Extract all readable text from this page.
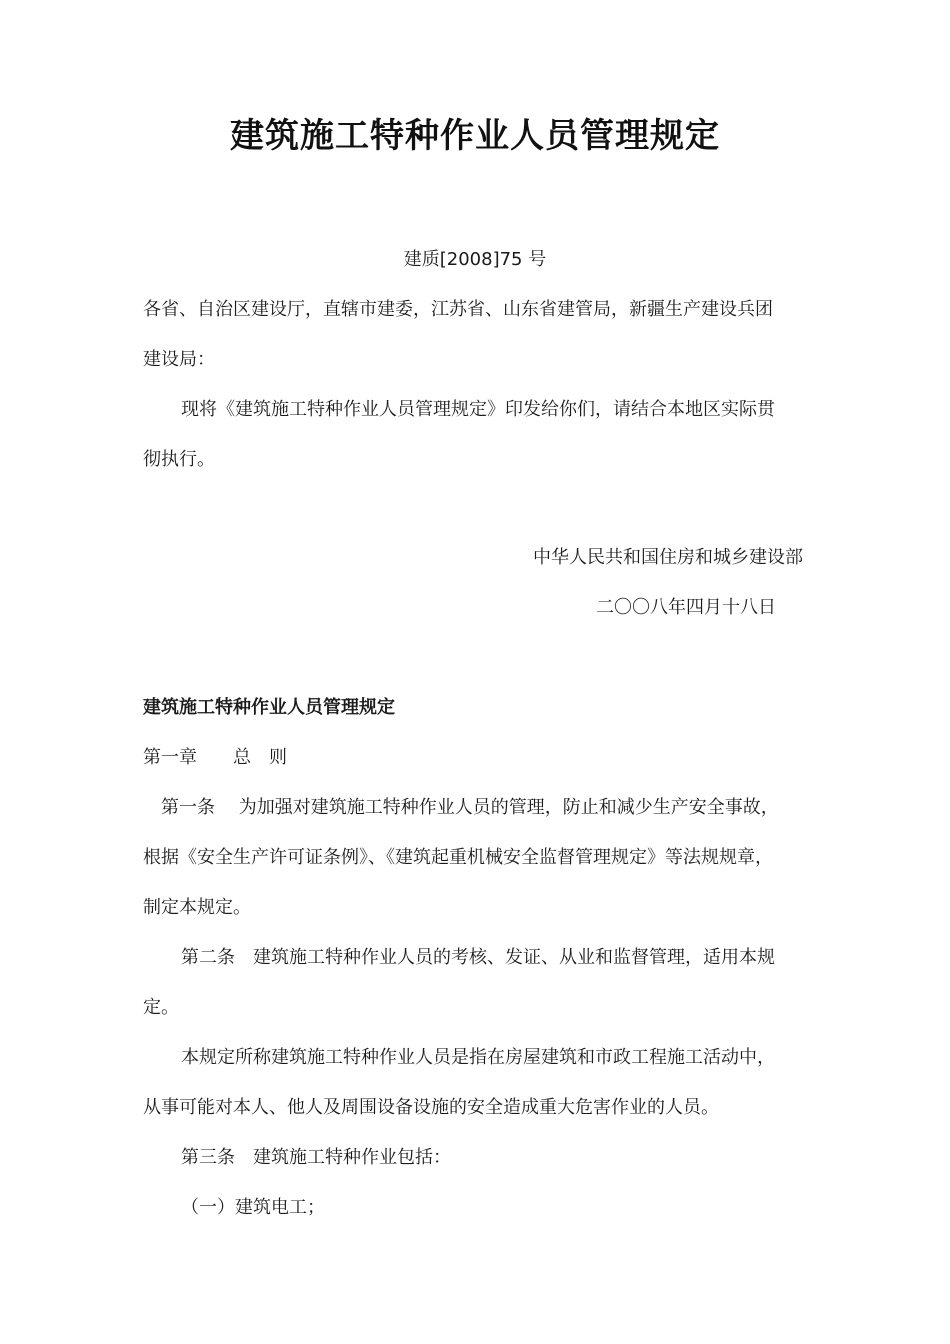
建筑施工特种作业人员管理规定
建质[2008]75 号
各省、自治区建设厅，直辖市建委，江苏省、山东省建管局，新疆生产建设兵团
建设局：
现将《建筑施工特种作业人员管理规定》印发给你们，请结合本地区实际贯
彻执行。
中华人民共和国住房和城乡建设部
二〇〇八年四月十八日
建筑施工特种作业人员管理规定
第一章　　总　则
　第一条　 为加强对建筑施工特种作业人员的管理，防止和减少生产安全事故，
根据《安全生产许可证条例》、《建筑起重机械安全监督管理规定》等法规规章，
制定本规定。
第二条　建筑施工特种作业人员的考核、发证、从业和监督管理，适用本规
定。
本规定所称建筑施工特种作业人员是指在房屋建筑和市政工程施工活动中，
从事可能对本人、他人及周围设备设施的安全造成重大危害作业的人员。
第三条　建筑施工特种作业包括：
（一）建筑电工；
